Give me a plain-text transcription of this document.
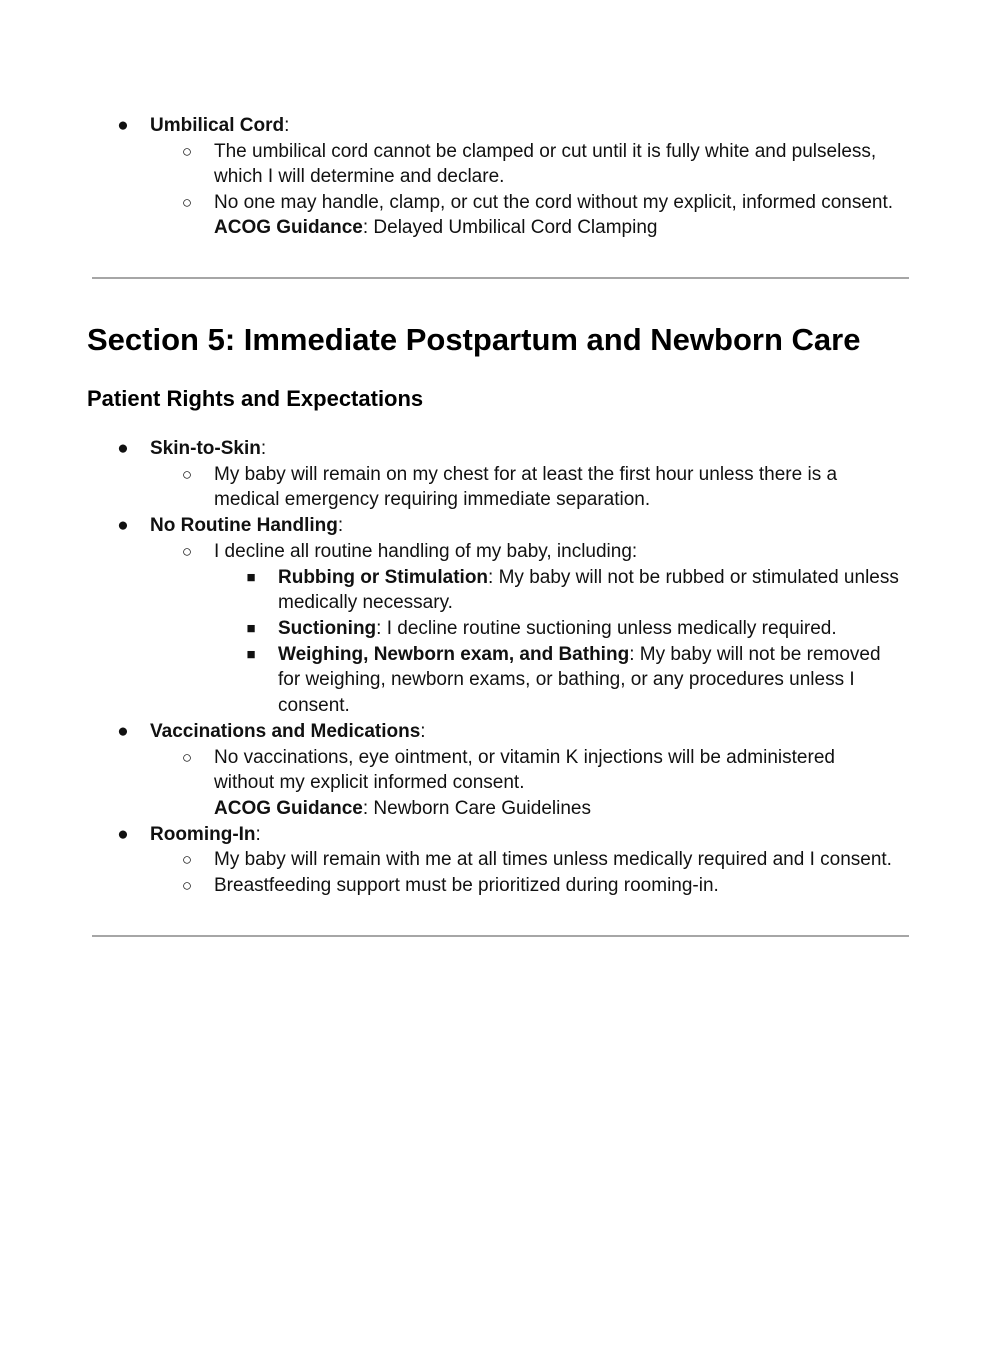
● Umbilical Cord:
○ The umbilical cord cannot be clamped or cut until it is fully white and pulseless,
which I will determine and declare.
○ No one may handle, clamp, or cut the cord without my explicit, informed consent.
ACOG Guidance: Delayed Umbilical Cord Clamping
Section 5: Immediate Postpartum and Newborn Care
Patient Rights and Expectations
● Skin-to-Skin:
○ My baby will remain on my chest for at least the first hour unless there is a
medical emergency requiring immediate separation.
● No Routine Handling:
○ I decline all routine handling of my baby, including:
■ Rubbing or Stimulation: My baby will not be rubbed or stimulated unless
medically necessary.
■ Suctioning: I decline routine suctioning unless medically required.
■ Weighing, Newborn exam, and Bathing: My baby will not be removed
for weighing, newborn exams, or bathing, or any procedures unless I
consent.
● Vaccinations and Medications:
○ No vaccinations, eye ointment, or vitamin K injections will be administered
without my explicit informed consent.
ACOG Guidance: Newborn Care Guidelines
● Rooming-In:
○ My baby will remain with me at all times unless medically required and I consent.
○ Breastfeeding support must be prioritized during rooming-in.
